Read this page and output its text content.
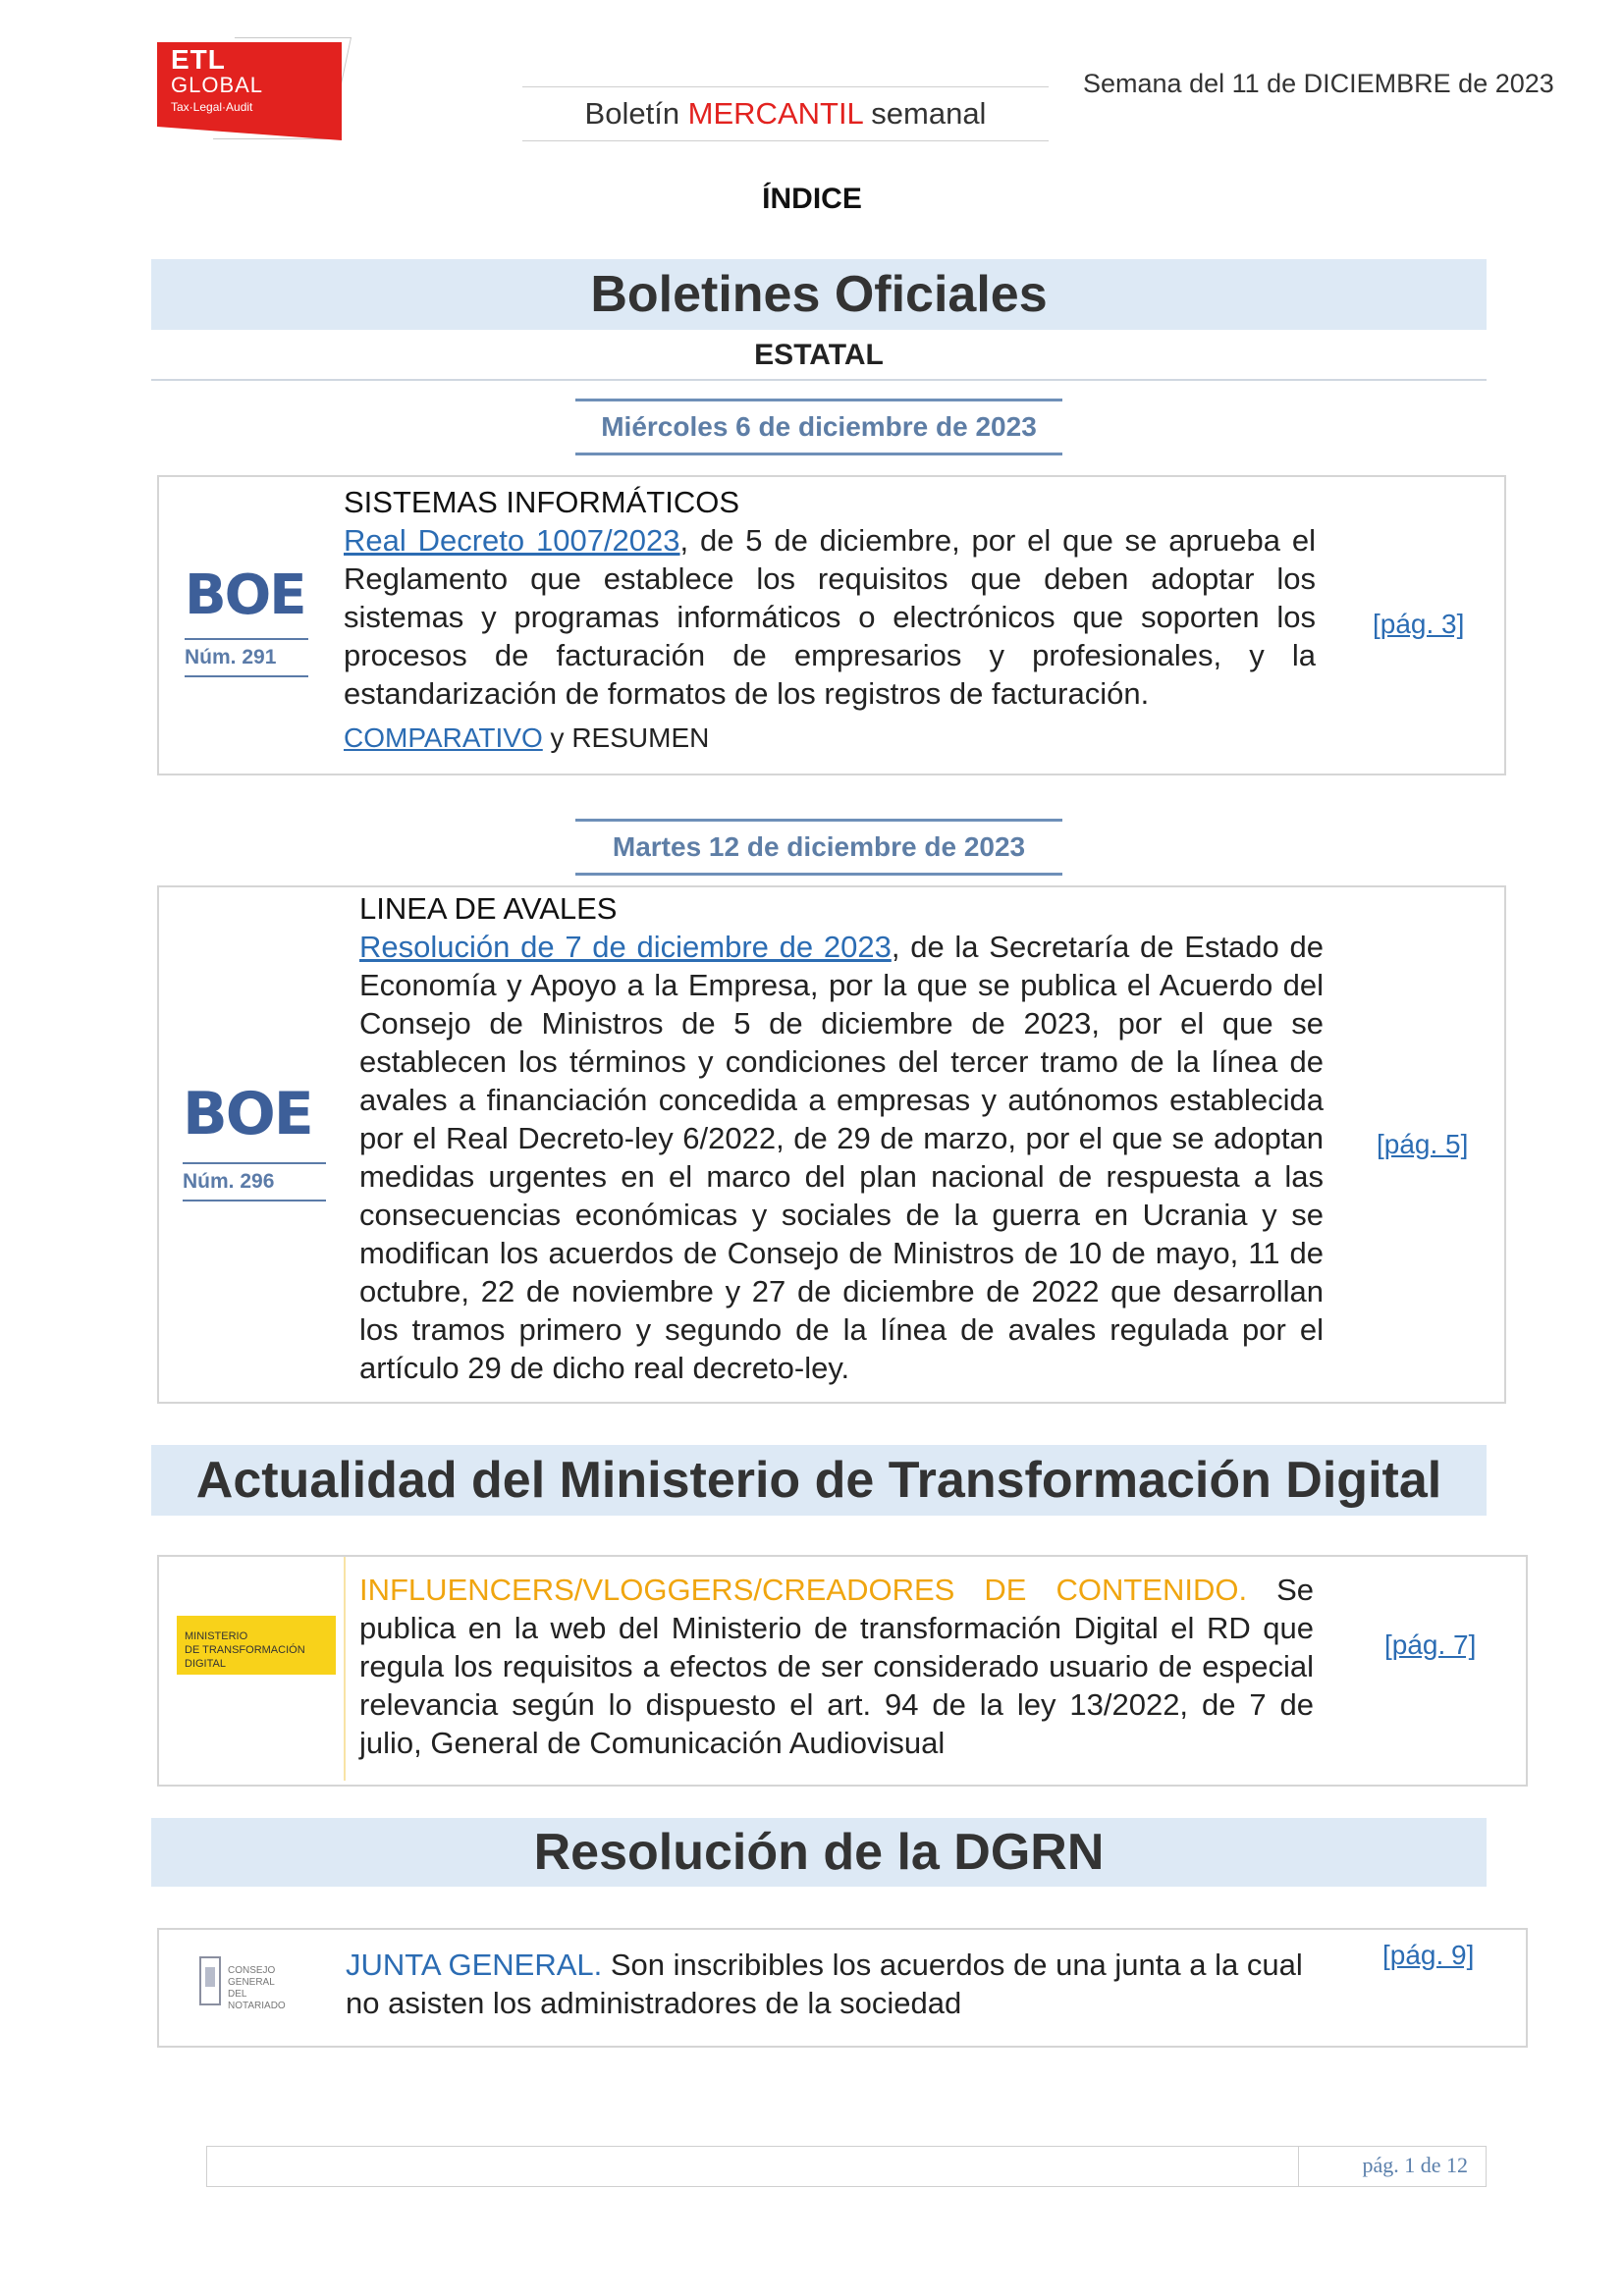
ETL
GLOBAL
Tax·Legal·Audit	Boletín MERCANTIL semanal
Semana del 11 de DICIEMBRE de 2023
ÍNDICE
Boletines Oficiales
ESTATAL
Miércoles 6 de diciembre de 2023
BOE
Núm. 291
SISTEMAS INFORMÁTICOS
Real Decreto 1007/2023, de 5 de diciembre, por el que se aprueba el Reglamento que establece los requisitos que deben adoptar los sistemas y programas informáticos o electrónicos que soporten los procesos de facturación de empresarios y profesionales, y la estandarización de formatos de los registros de facturación.
COMPARATIVO y RESUMEN
[pág. 3]
Martes 12 de diciembre de 2023
BOE
Núm. 296
LINEA DE AVALES
Resolución de 7 de diciembre de 2023, de la Secretaría de Estado de Economía y Apoyo a la Empresa, por la que se publica el Acuerdo del Consejo de Ministros de 5 de diciembre de 2023, por el que se establecen los términos y condiciones del tercer tramo de la línea de avales a financiación concedida a empresas y autónomos establecida por el Real Decreto-ley 6/2022, de 29 de marzo, por el que se adoptan medidas urgentes en el marco del plan nacional de respuesta a las consecuencias económicas y sociales de la guerra en Ucrania y se modifican los acuerdos de Consejo de Ministros de 10 de mayo, 11 de octubre, 22 de noviembre y 27 de diciembre de 2022 que desarrollan los tramos primero y segundo de la línea de avales regulada por el artículo 29 de dicho real decreto-ley.
[pág. 5]
Actualidad del Ministerio de Transformación Digital
MINISTERIO
DE TRANSFORMACIÓN DIGITAL
INFLUENCERS/VLOGGERS/CREADORES DE CONTENIDO. Se publica en la web del Ministerio de transformación Digital el RD que regula los requisitos a efectos de ser considerado usuario de especial relevancia según lo dispuesto el art. 94 de la ley 13/2022, de 7 de julio, General de Comunicación Audiovisual
[pág. 7]
Resolución de la DGRN
CONSEJO GENERAL
DEL NOTARIADO
JUNTA GENERAL. Son inscribibles los acuerdos de una junta a la cual no asisten los administradores de la sociedad
[pág. 9]
pág. 1 de 12
